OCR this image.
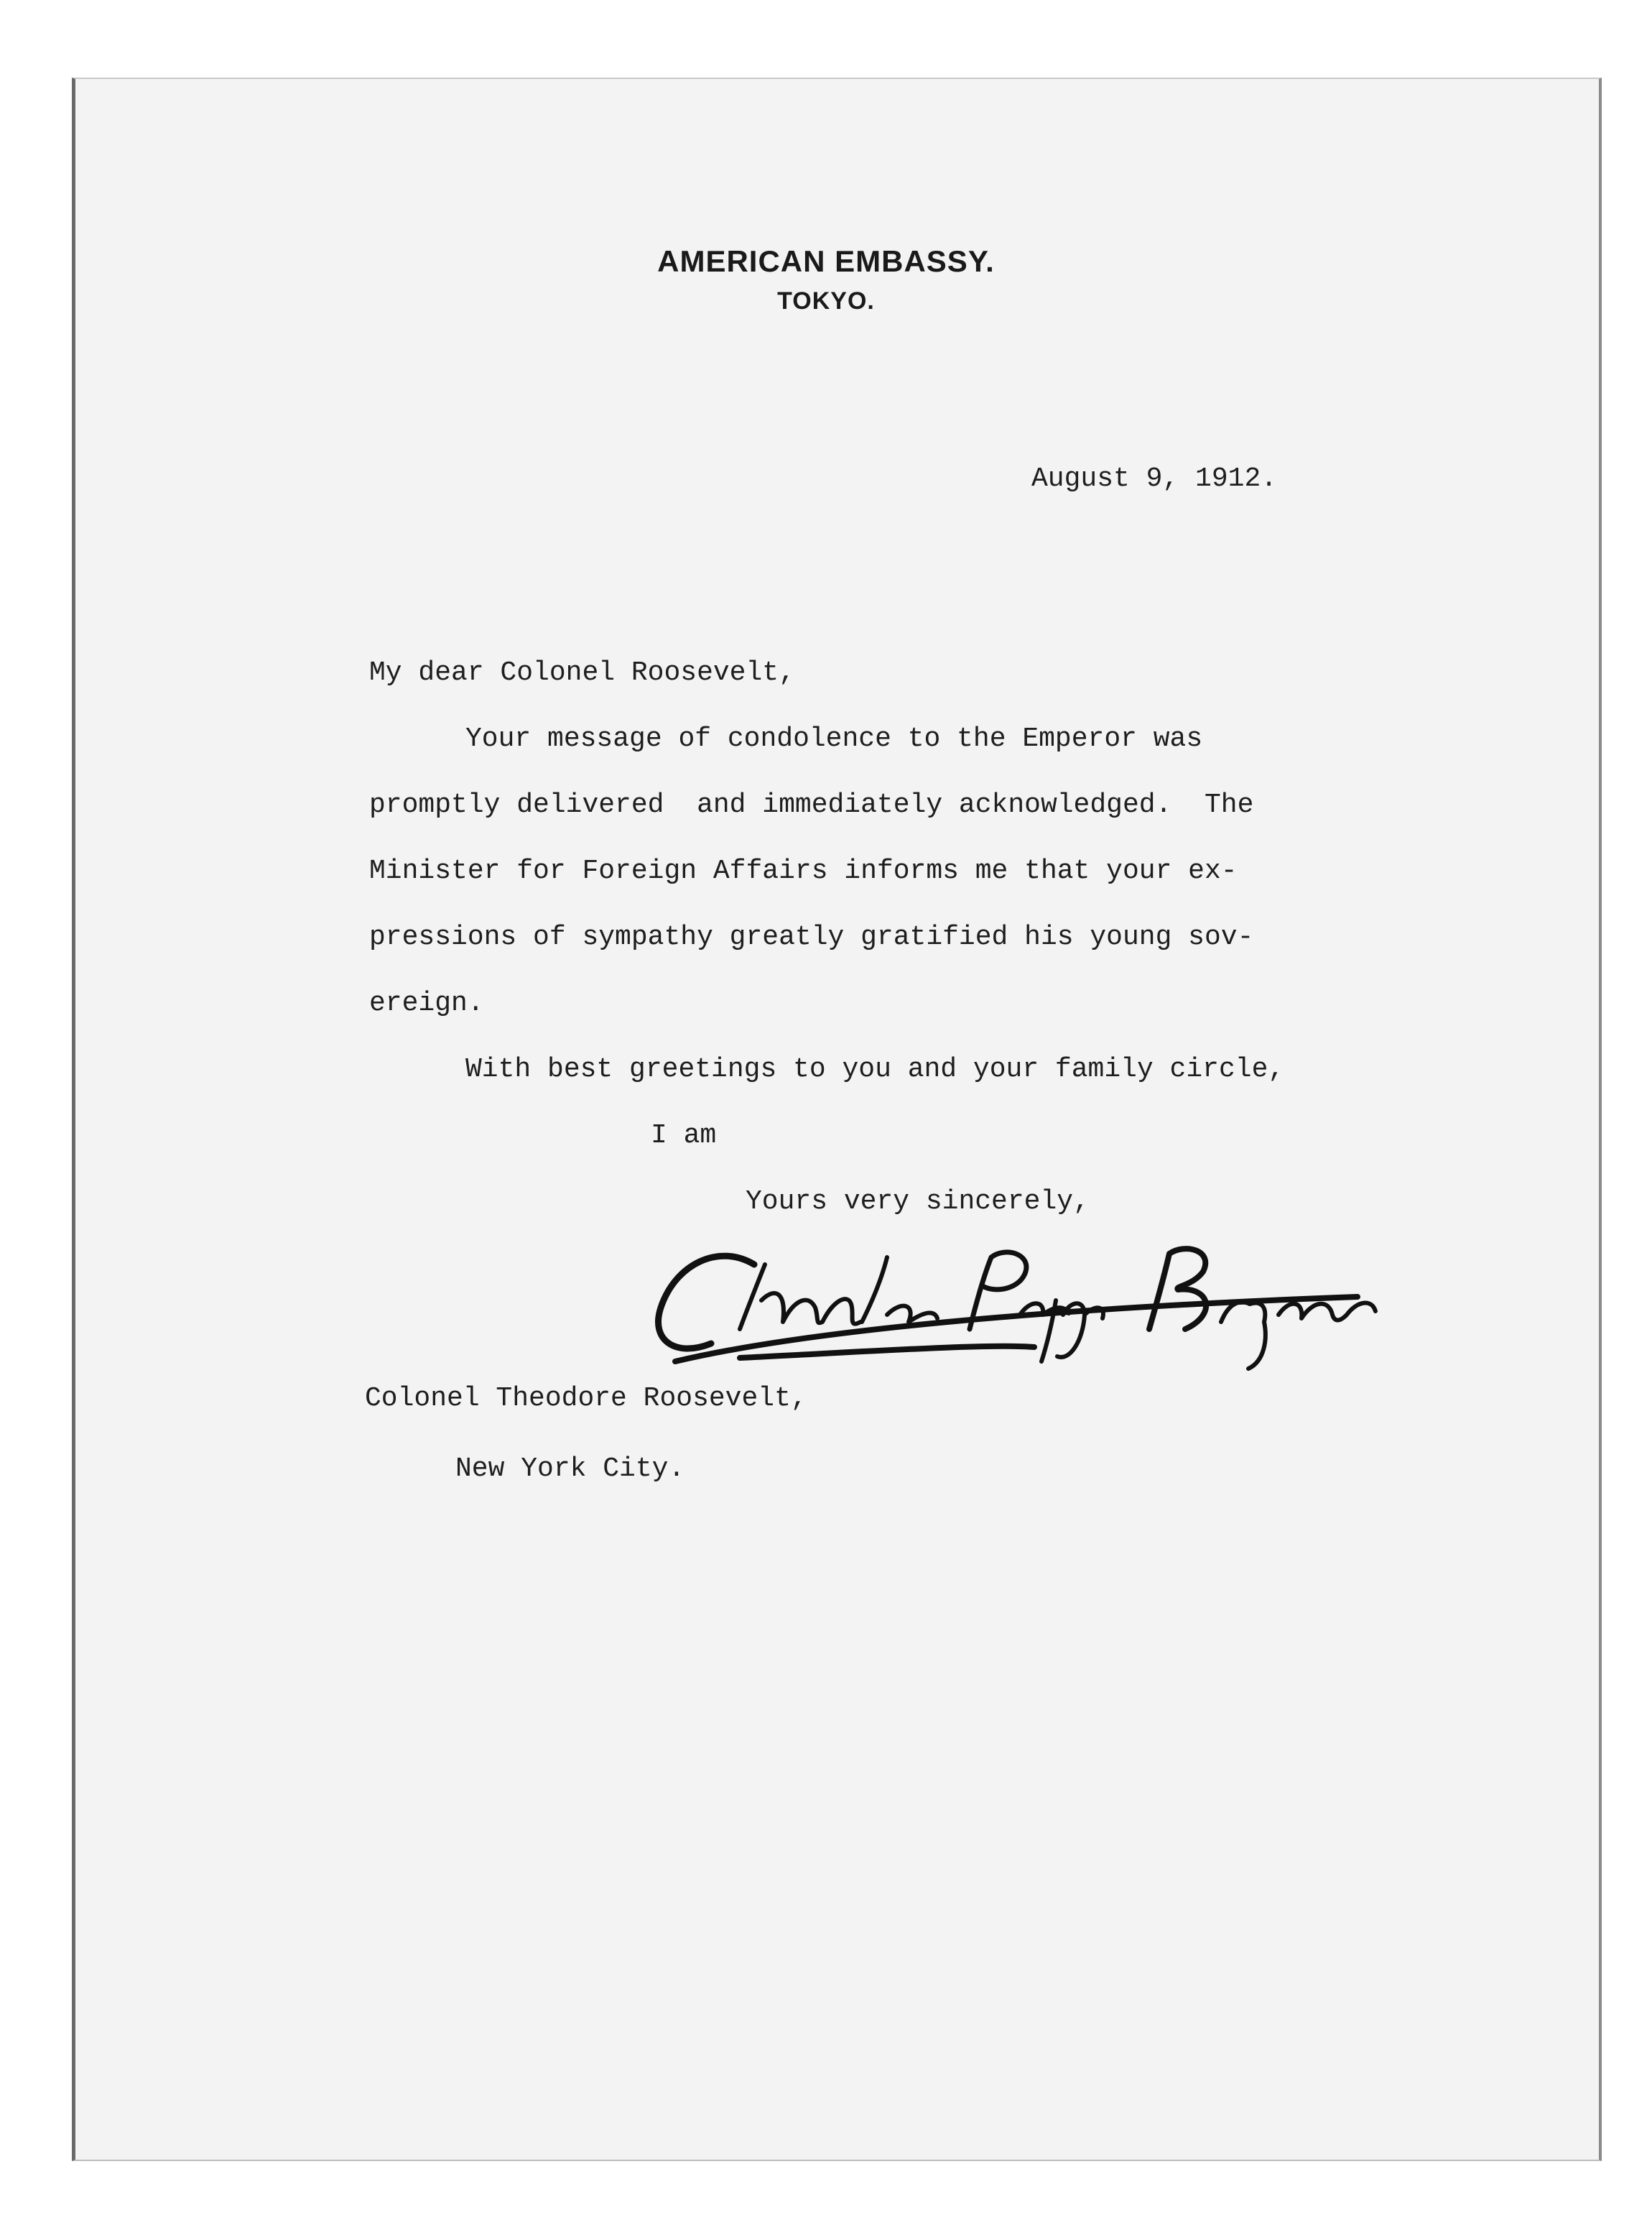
AMERICAN EMBASSY.

TOKYO.

August 9, 1912.

My dear Colonel Roosevelt,

Your message of condolence to the Emperor was

promptly delivered  and immediately acknowledged.  The

Minister for Foreign Affairs informs me that your ex-

pressions of sympathy greatly gratified his young sov-

ereign.

With best greetings to you and your family circle,

I am

Yours very sincerely,

Colonel Theodore Roosevelt,

New York City.
